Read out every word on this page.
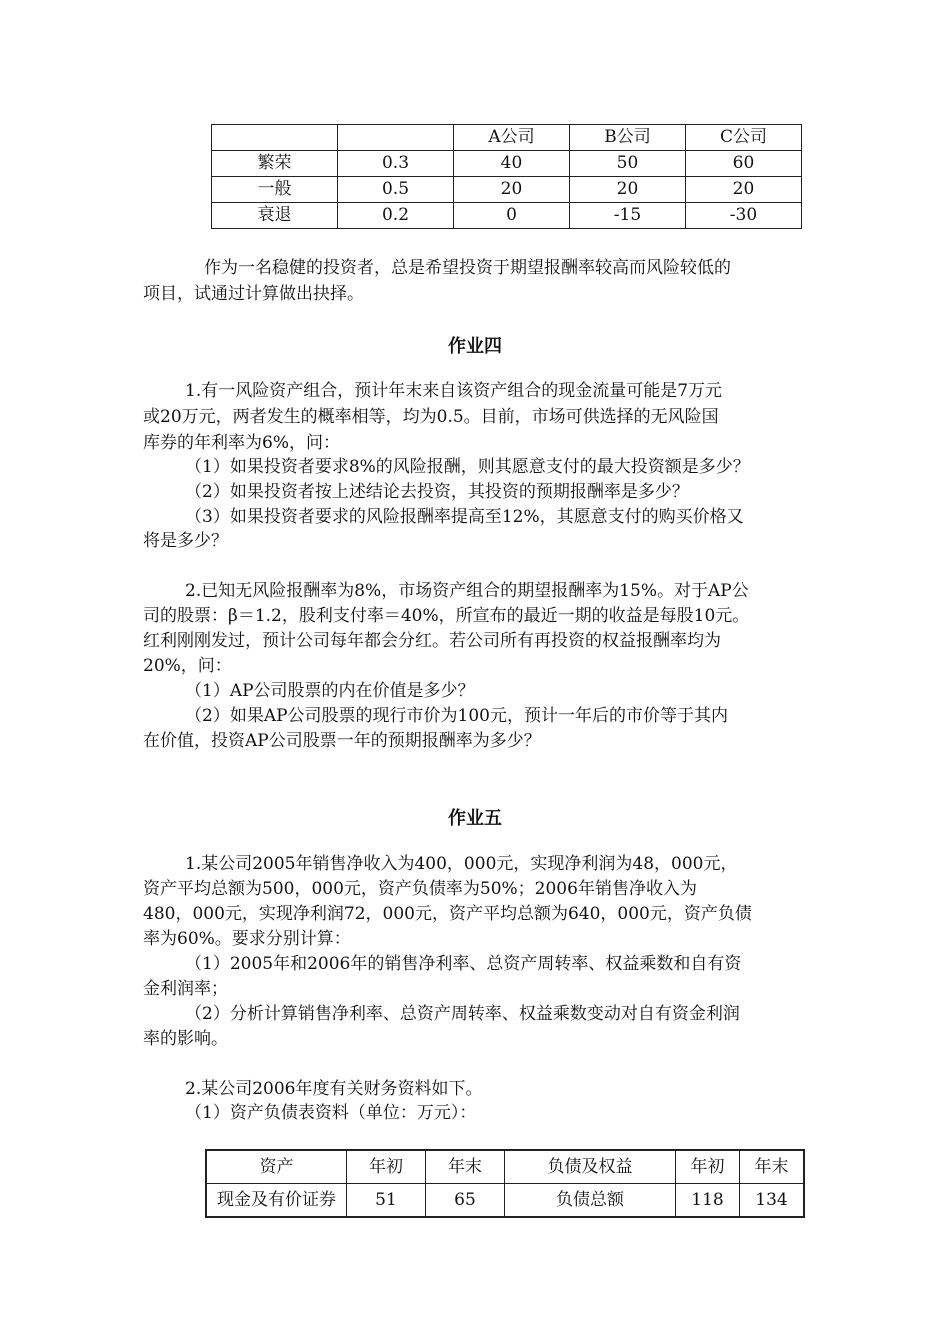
		A公司	B公司	C公司
繁荣	0.3	40	50	60
一般	0.5	20	20	20
衰退	0.2	0	-15	-30
作为一名稳健的投资者，总是希望投资于期望报酬率较高而风险较低的
项目，试通过计算做出抉择。
作业四
1.有一风险资产组合，预计年末来自该资产组合的现金流量可能是7万元
或20万元，两者发生的概率相等，均为0.5。目前，市场可供选择的无风险国
库券的年利率为6%，问：
（1）如果投资者要求8%的风险报酬，则其愿意支付的最大投资额是多少？
（2）如果投资者按上述结论去投资，其投资的预期报酬率是多少？
（3）如果投资者要求的风险报酬率提高至12%，其愿意支付的购买价格又
将是多少？
2.已知无风险报酬率为8%，市场资产组合的期望报酬率为15%。对于AP公
司的股票：β＝1.2，股利支付率＝40%，所宣布的最近一期的收益是每股10元。
红利刚刚发过，预计公司每年都会分红。若公司所有再投资的权益报酬率均为
20%，问：
（1）AP公司股票的内在价值是多少？
（2）如果AP公司股票的现行市价为100元，预计一年后的市价等于其内
在价值，投资AP公司股票一年的预期报酬率为多少？
作业五
1.某公司2005年销售净收入为400，000元，实现净利润为48，000元，
资产平均总额为500，000元，资产负债率为50%；2006年销售净收入为
480，000元，实现净利润72，000元，资产平均总额为640，000元，资产负债
率为60%。要求分别计算：
（1）2005年和2006年的销售净利率、总资产周转率、权益乘数和自有资
金利润率；
（2）分析计算销售净利率、总资产周转率、权益乘数变动对自有资金利润
率的影响。
2.某公司2006年度有关财务资料如下。
（1）资产负债表资料（单位：万元）：
资产	年初	年末	负债及权益	年初	年末
现金及有价证券	51	65	负债总额	118	134
